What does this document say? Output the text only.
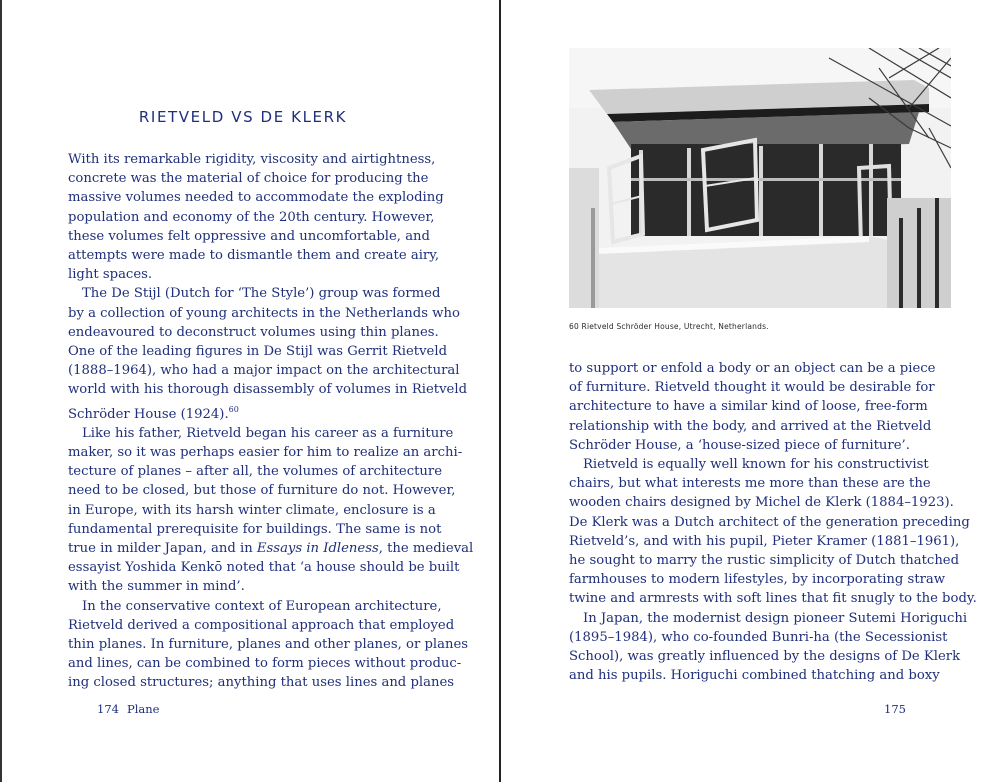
RIETVELD VS DE KLERK
With its remarkable rigidity, viscosity and airtightness,
concrete was the material of choice for producing the
massive volumes needed to accommodate the exploding
population and economy of the 20th century. However,
these volumes felt oppressive and uncomfortable, and
attempts were made to dismantle them and create airy,
light spaces.
The De Stijl (Dutch for ‘The Style’) group was formed
by a collection of young architects in the Netherlands who
endeavoured to deconstruct volumes using thin planes.
One of the leading figures in De Stijl was Gerrit Rietveld
(1888–1964), who had a major impact on the architectural
world with his thorough disassembly of volumes in Rietveld
Schröder House (1924).$^{60}$
Like his father, Rietveld began his career as a furniture
maker, so it was perhaps easier for him to realize an archi-
tecture of planes – after all, the volumes of architecture
need to be closed, but those of furniture do not. However,
in Europe, with its harsh winter climate, enclosure is a
fundamental prerequisite for buildings. The same is not
true in milder Japan, and in Essays in Idleness, the medieval
essayist Yoshida Kenkō noted that ‘a house should be built
with the summer in mind’.
In the conservative context of European architecture,
Rietveld derived a compositional approach that employed
thin planes. In furniture, planes and other planes, or planes
and lines, can be combined to form pieces without produc-
ing closed structures; anything that uses lines and planes
174 Plane
60 Rietveld Schröder House, Utrecht, Netherlands.
to support or enfold a body or an object can be a piece
of furniture. Rietveld thought it would be desirable for
architecture to have a similar kind of loose, free-form
relationship with the body, and arrived at the Rietveld
Schröder House, a ‘house-sized piece of furniture’.
Rietveld is equally well known for his constructivist
chairs, but what interests me more than these are the
wooden chairs designed by Michel de Klerk (1884–1923).
De Klerk was a Dutch architect of the generation preceding
Rietveld’s, and with his pupil, Pieter Kramer (1881–1961),
he sought to marry the rustic simplicity of Dutch thatched
farmhouses to modern lifestyles, by incorporating straw
twine and armrests with soft lines that fit snugly to the body.
In Japan, the modernist design pioneer Sutemi Horiguchi
(1895–1984), who co-founded Bunri-ha (the Secessionist
School), was greatly influenced by the designs of De Klerk
and his pupils. Horiguchi combined thatching and boxy
175
